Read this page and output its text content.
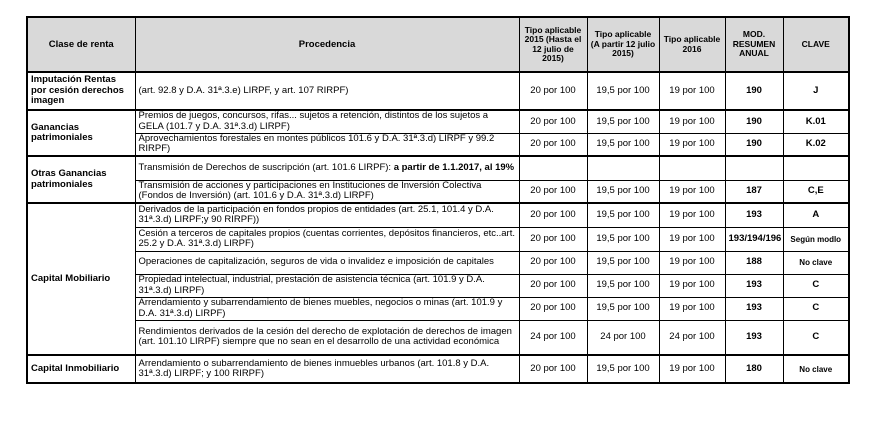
Clase de renta	Procedencia	Tipo aplicable 2015 (Hasta el 12 julio de 2015)	Tipo aplicable (A partir 12 julio 2015)	Tipo aplicable 2016	MOD. RESUMEN ANUAL	CLAVE
Imputación Rentas por cesión derechos imagen	(art. 92.8 y D.A. 31ª.3.e) LIRPF, y art. 107 RIRPF)	20 por 100	19,5 por 100	19 por 100	190	J
Ganancias patrimoniales	Premios de juegos, concursos, rifas... sujetos a retención, distintos de los sujetos a GELA (101.7 y D.A. 31ª.3.d) LIRPF)	20 por 100	19,5 por 100	19 por 100	190	K.01
	Aprovechamientos forestales en montes públicos 101.6 y D.A. 31ª.3.d) LIRPF y 99.2 RIRPF)	20 por 100	19,5 por 100	19 por 100	190	K.02
Otras Ganancias patrimoniales	Transmisión de Derechos de suscripción (art. 101.6 LIRPF): a partir de 1.1.2017, al 19%					
	Transmisión de acciones y participaciones en Instituciones de Inversión Colectiva (Fondos de Inversión) (art. 101.6 y D.A. 31ª.3.d) LIRPF)	20 por 100	19,5 por 100	19 por 100	187	C,E
Capital Mobiliario	Derivados de la participación en fondos propios de entidades (art. 25.1, 101.4 y D.A. 31ª.3.d) LIRPF;y 90 RIRPF))	20 por 100	19,5 por 100	19 por 100	193	A
	Cesión a terceros de capitales propios (cuentas corrientes, depósitos financieros, etc..art. 25.2 y D.A. 31ª.3.d) LIRPF)	20 por 100	19,5 por 100	19 por 100	193/194/196	Según modlo
	Operaciones de capitalización, seguros de vida o invalidez e imposición de capitales	20 por 100	19,5 por 100	19 por 100	188	No clave
	Propiedad intelectual, industrial, prestación de asistencia técnica (art. 101.9 y D.A. 31ª.3.d) LIRPF)	20 por 100	19,5 por 100	19 por 100	193	C
	Arrendamiento y subarrendamiento de bienes muebles, negocios o minas (art. 101.9 y D.A. 31ª.3.d) LIRPF)	20 por 100	19,5 por 100	19 por 100	193	C
	Rendimientos derivados de la cesión del derecho de explotación de derechos de imagen (art. 101.10 LIRPF) siempre que no sean en el desarrollo de una actividad económica	24 por 100	24 por 100	24 por 100	193	C
Capital Inmobiliario	Arrendamiento o subarrendamiento de bienes inmuebles urbanos (art. 101.8 y D.A. 31ª.3.d) LIRPF; y 100 RIRPF)	20 por 100	19,5 por 100	19 por 100	180	No clave
